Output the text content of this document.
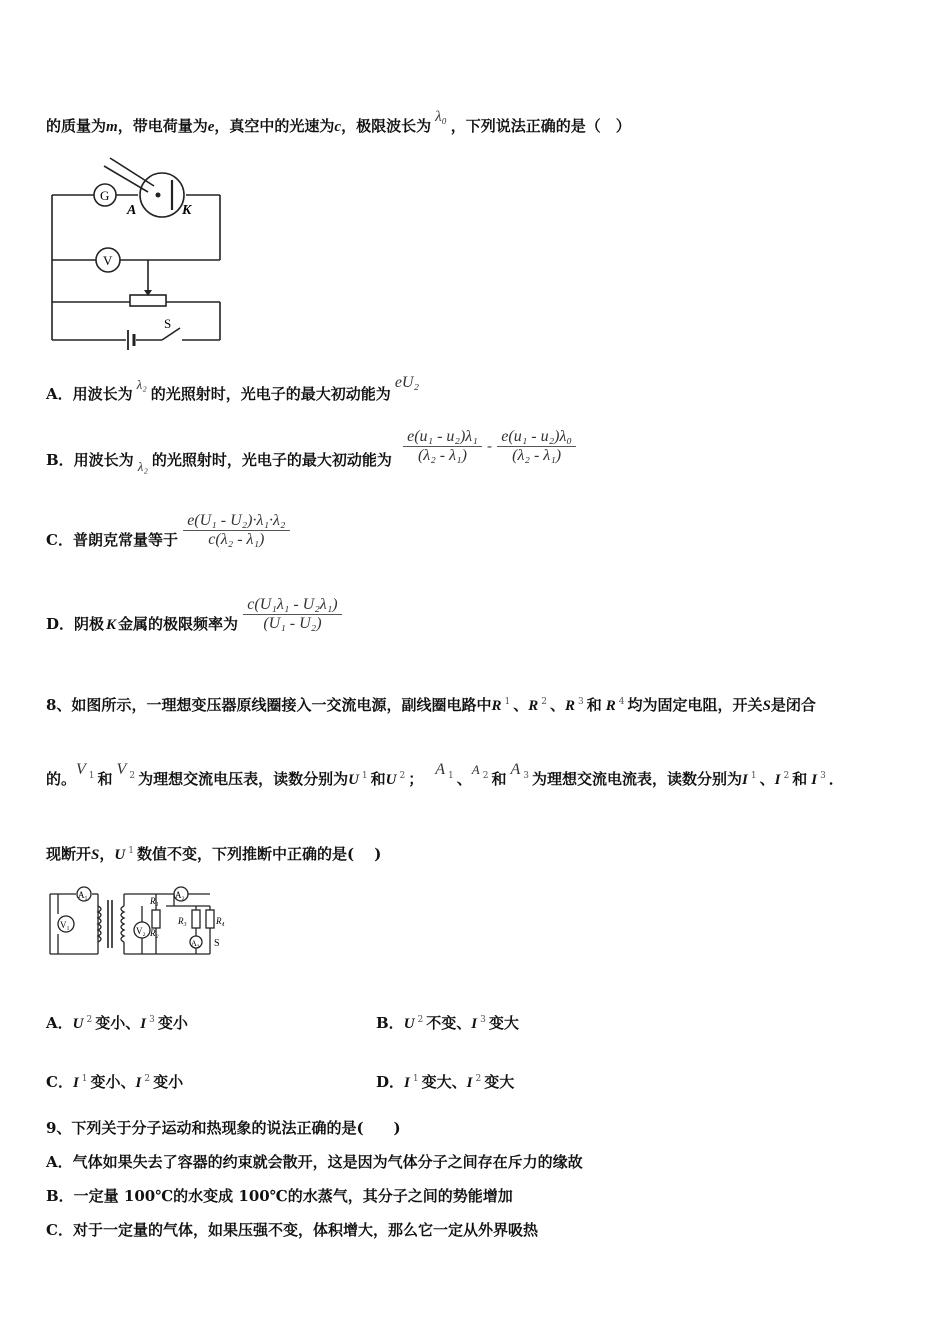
的质量为m，带电荷量为e，真空中的光速为c，极限波长为 λ₀ ，下列说法正确的是（　）
G
A	K
V
S
A．用波长为λ₂的光照射时，光电子的最大初动能为eU₂
B．用波长为 λ₂ 的光照射时，光电子的最大初动能为 $\frac{\text{e(u₁ - u₂)λ₁}}{\text{(λ₂ - λ₁)}} - \frac{\text{e(u₁ - u₂)λ₀}}{\text{(λ₂ - λ₁)}}$
C．普朗克常量等于 $\frac{\text{e(U₁ - U₂)·λ₁·λ₂}}{\text{c(λ₂ - λ₁)}}$
D．阴极 K 金属的极限频率为 $\frac{\text{c(U₁λ₁ - U₂λ₁)}}{\text{(U₁ - U₂)}}$
8、如图所示，一理想变压器原线圈接入一交流电源，副线圈电路中R $^1$ 、R $^2$ 、R $^3$ 和 R $^4$ 均为固定电阻，开关S是闭合
的。V $^1$ 和V $^2$ 为理想交流电压表，读数分别为U $^1$ 和U $^2$ ；A $^1$ 、A $^2$ 和A $^3$ 为理想交流电流表，读数分别为I $^1$ 、I $^2$ 和 I $^3$ ．
现断开S，U $^1$ 数值不变，下列推断中正确的是(　 )
A₁
V₁
A₂
R₁
R₂
V₂
R₃	R₄
A₃ S
A．U $^2$ 变小、I $^3$ 变小	B．U $^2$ 不变、I $^3$ 变大
C．I $^1$ 变小、I $^2$ 变小	D．I $^1$ 变大、I $^2$ 变大
9、下列关于分子运动和热现象的说法正确的是(　　)
A．气体如果失去了容器的约束就会散开，这是因为气体分子之间存在斥力的缘故
B．一定量 100℃的水变成 100℃的水蒸气，其分子之间的势能增加
C．对于一定量的气体，如果压强不变，体积增大，那么它一定从外界吸热
